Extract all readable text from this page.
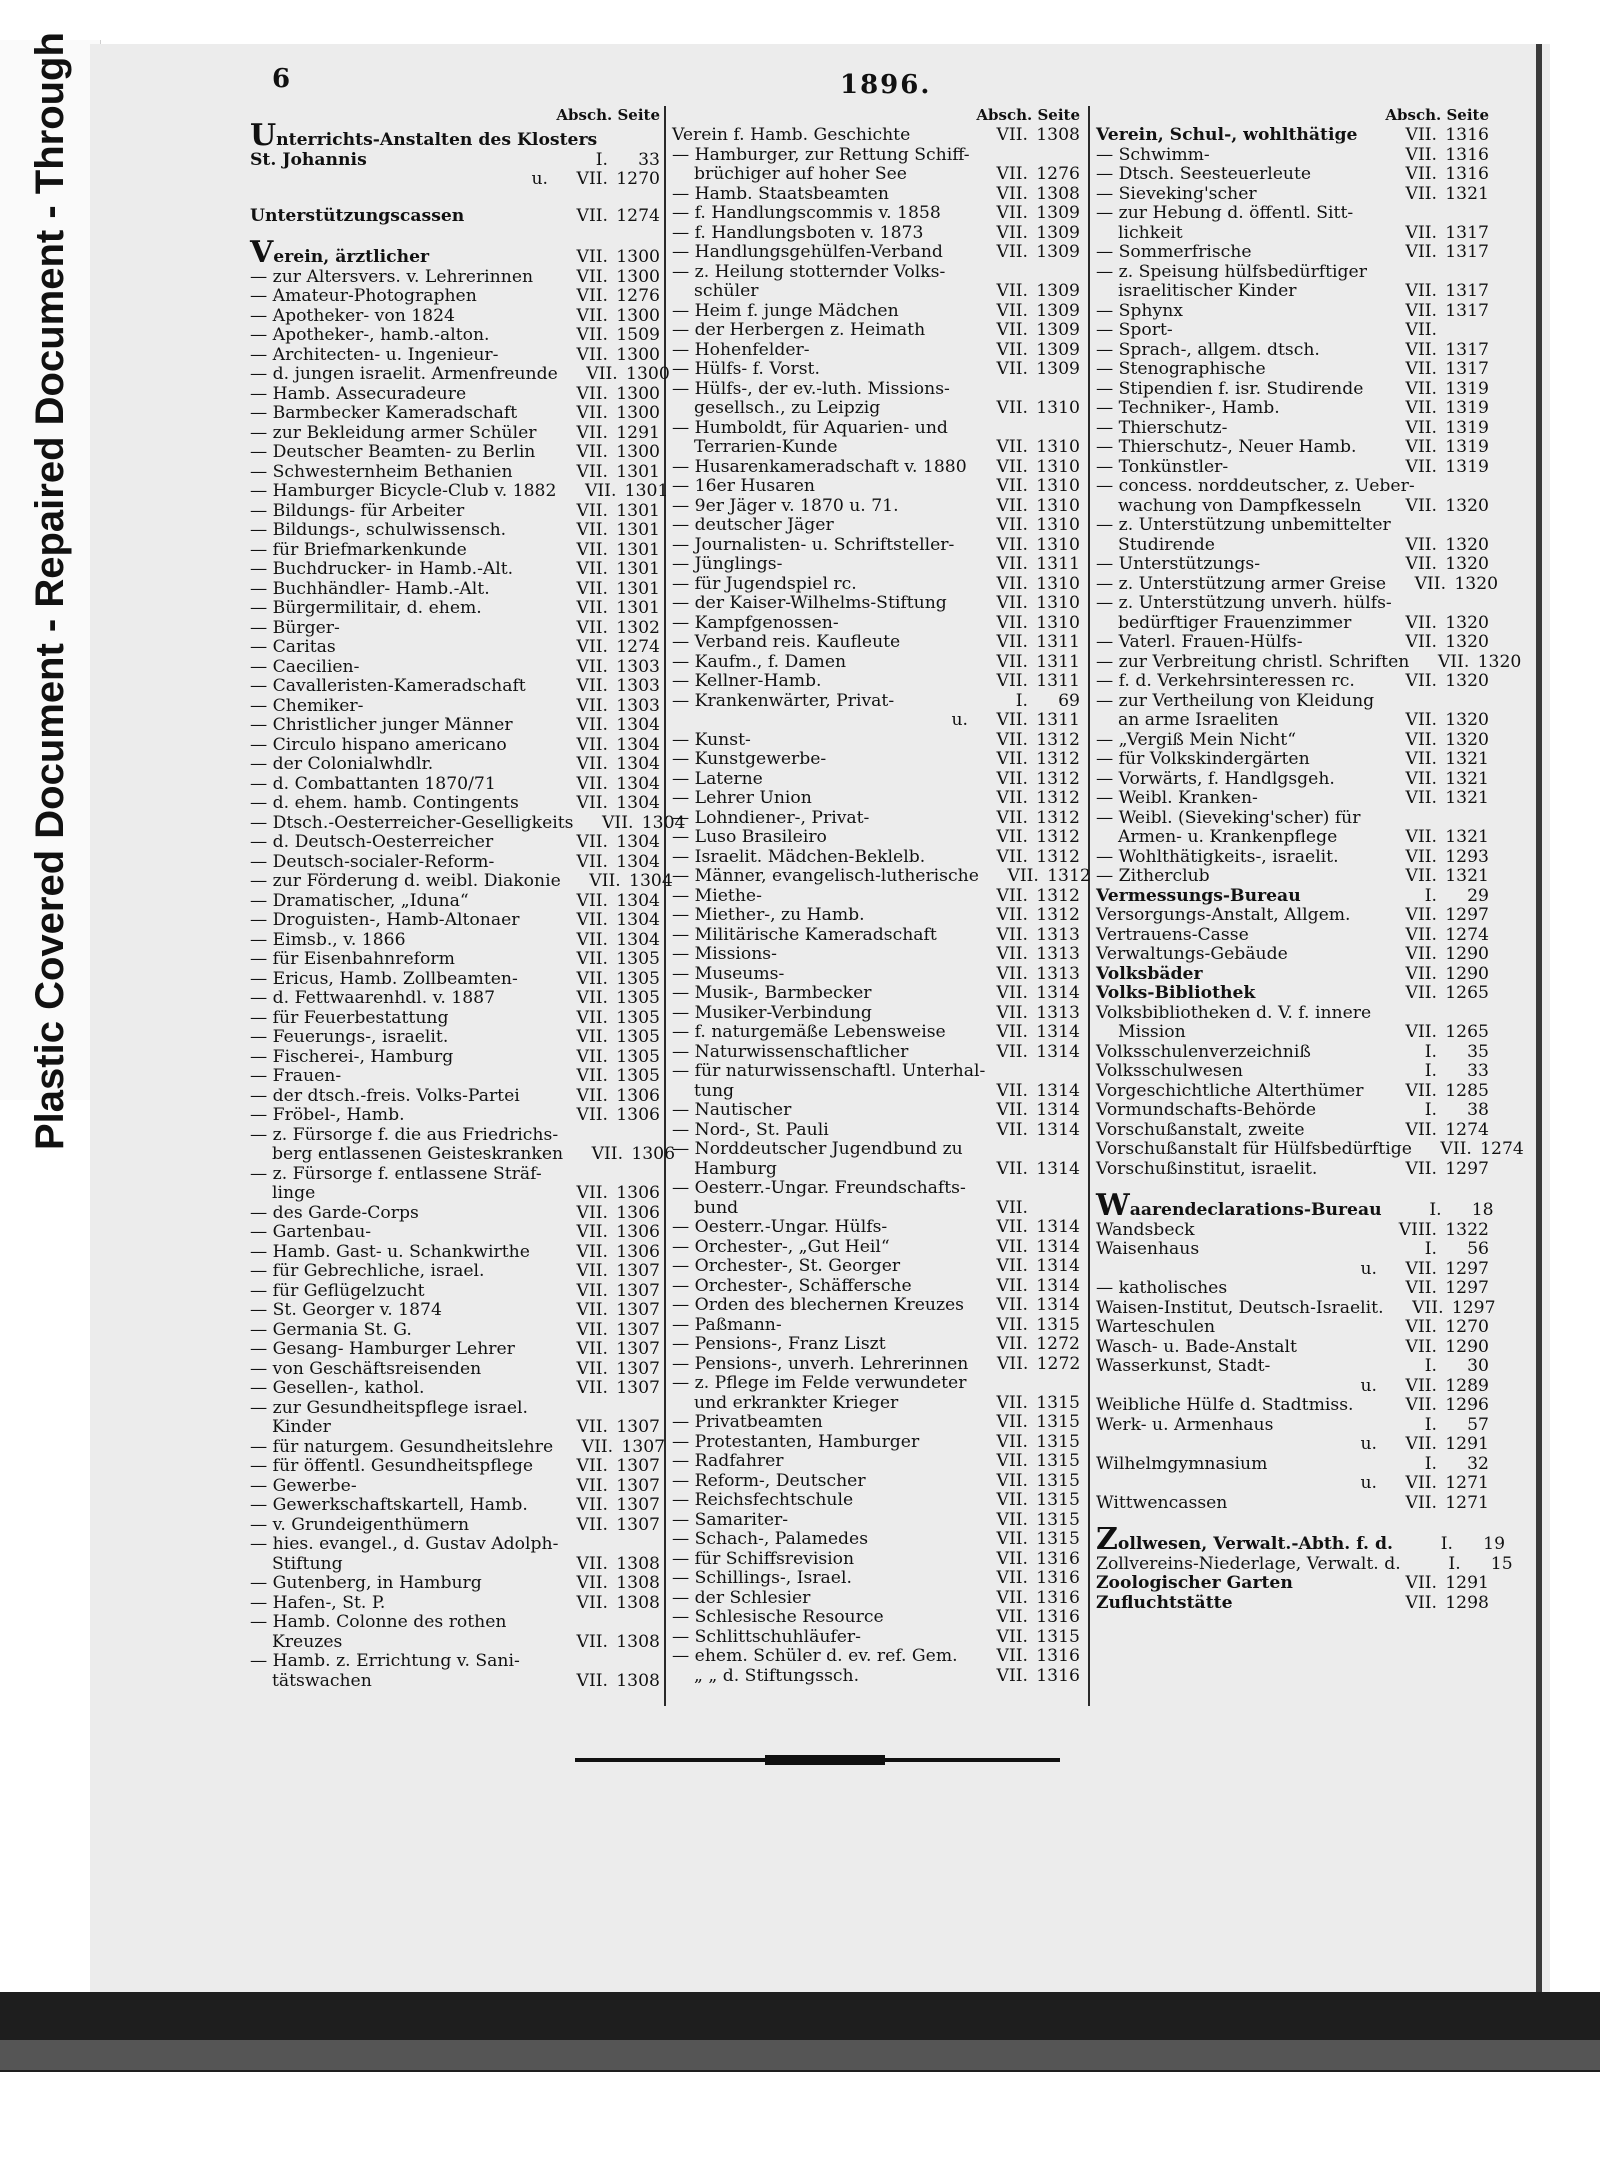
Plastic Covered Document - Repaired Document - Through	6	1896.
Absch. Seite
Unterrichts-Anstalten des Klosters
St. Johannis	I.	33
u.	VII. 1270
Unterstützungscassen	VII. 1274
Verein, ärztlicher	VII. 1300
— zur Altersvers. v. Lehrerinnen	VII. 1300
— Amateur-Photographen	VII. 1276
— Apotheker- von 1824	VII. 1300
— Apotheker-, hamb.-alton.	VII. 1509
— Architecten- u. Ingenieur-	VII. 1300
— d. jungen israelit. Armenfreunde	VII. 1300
— Hamb. Assecuradeure	VII. 1300
— Barmbecker Kameradschaft	VII. 1300
— zur Bekleidung armer Schüler	VII. 1291
— Deutscher Beamten- zu Berlin	VII. 1300
— Schwesternheim Bethanien	VII. 1301
— Hamburger Bicycle-Club v. 1882	VII. 1301
— Bildungs- für Arbeiter	VII. 1301
— Bildungs-, schulwissensch.	VII. 1301
— für Briefmarkenkunde	VII. 1301
— Buchdrucker- in Hamb.-Alt.	VII. 1301
— Buchhändler- Hamb.-Alt.	VII. 1301
— Bürgermilitair, d. ehem.	VII. 1301
— Bürger-	VII. 1302
— Caritas	VII. 1274
— Caecilien-	VII. 1303
— Cavalleristen-Kameradschaft	VII. 1303
— Chemiker-	VII. 1303
— Christlicher junger Männer	VII. 1304
— Circulo hispano americano	VII. 1304
— der Colonialwhdlr.	VII. 1304
— d. Combattanten 1870/71	VII. 1304
— d. ehem. hamb. Contingents	VII. 1304
— Dtsch.-Oesterreicher-Geselligkeits	VII. 1304
— d. Deutsch-Oesterreicher	VII. 1304
— Deutsch-socialer-Reform-	VII. 1304
— zur Förderung d. weibl. Diakonie	VII. 1304
— Dramatischer, „Iduna“	VII. 1304
— Droguisten-, Hamb-Altonaer	VII. 1304
— Eimsb., v. 1866	VII. 1304
— für Eisenbahnreform	VII. 1305
— Ericus, Hamb. Zollbeamten-	VII. 1305
— d. Fettwaarenhdl. v. 1887	VII. 1305
— für Feuerbestattung	VII. 1305
— Feuerungs-, israelit.	VII. 1305
— Fischerei-, Hamburg	VII. 1305
— Frauen-	VII. 1305
— der dtsch.-freis. Volks-Partei	VII. 1306
— Fröbel-, Hamb.	VII. 1306
— z. Fürsorge f. die aus Friedrichs-
berg entlassenen Geisteskranken	VII. 1306
— z. Fürsorge f. entlassene Sträf-
linge	VII. 1306
— des Garde-Corps	VII. 1306
— Gartenbau-	VII. 1306
— Hamb. Gast- u. Schankwirthe	VII. 1306
— für Gebrechliche, israel.	VII. 1307
— für Geflügelzucht	VII. 1307
— St. Georger v. 1874	VII. 1307
— Germania St. G.	VII. 1307
— Gesang- Hamburger Lehrer	VII. 1307
— von Geschäftsreisenden	VII. 1307
— Gesellen-, kathol.	VII. 1307
— zur Gesundheitspflege israel.
Kinder	VII. 1307
— für naturgem. Gesundheitslehre	VII. 1307
— für öffentl. Gesundheitspflege	VII. 1307
— Gewerbe-	VII. 1307
— Gewerkschaftskartell, Hamb.	VII. 1307
— v. Grundeigenthümern	VII. 1307
— hies. evangel., d. Gustav Adolph-
Stiftung	VII. 1308
— Gutenberg, in Hamburg	VII. 1308
— Hafen-, St. P.	VII. 1308
— Hamb. Colonne des rothen
Kreuzes	VII. 1308
— Hamb. z. Errichtung v. Sani-
tätswachen	VII. 1308
Absch. Seite
Verein f. Hamb. Geschichte	VII. 1308
— Hamburger, zur Rettung Schiff-
brüchiger auf hoher See	VII. 1276
— Hamb. Staatsbeamten	VII. 1308
— f. Handlungscommis v. 1858	VII. 1309
— f. Handlungsboten v. 1873	VII. 1309
— Handlungsgehülfen-Verband	VII. 1309
— z. Heilung stotternder Volks-
schüler	VII. 1309
— Heim f. junge Mädchen	VII. 1309
— der Herbergen z. Heimath	VII. 1309
— Hohenfelder-	VII. 1309
— Hülfs- f. Vorst.	VII. 1309
— Hülfs-, der ev.-luth. Missions-
gesellsch., zu Leipzig	VII. 1310
— Humboldt, für Aquarien- und
Terrarien-Kunde	VII. 1310
— Husarenkameradschaft v. 1880	VII. 1310
— 16er Husaren	VII. 1310
— 9er Jäger v. 1870 u. 71.	VII. 1310
— deutscher Jäger	VII. 1310
— Journalisten- u. Schriftsteller-	VII. 1310
— Jünglings-	VII. 1311
— für Jugendspiel rc.	VII. 1310
— der Kaiser-Wilhelms-Stiftung	VII. 1310
— Kampfgenossen-	VII. 1310
— Verband reis. Kaufleute	VII. 1311
— Kaufm., f. Damen	VII. 1311
— Kellner-Hamb.	VII. 1311
— Krankenwärter, Privat-	I.	69
u.	VII. 1311
— Kunst-	VII. 1312
— Kunstgewerbe-	VII. 1312
— Laterne	VII. 1312
— Lehrer Union	VII. 1312
— Lohndiener-, Privat-	VII. 1312
— Luso Brasileiro	VII. 1312
— Israelit. Mädchen-Beklelb.	VII. 1312
— Männer, evangelisch-lutherische	VII. 1312
— Miethe-	VII. 1312
— Miether-, zu Hamb.	VII. 1312
— Militärische Kameradschaft	VII. 1313
— Missions-	VII. 1313
— Museums-	VII. 1313
— Musik-, Barmbecker	VII. 1314
— Musiker-Verbindung	VII. 1313
— f. naturgemäße Lebensweise	VII. 1314
— Naturwissenschaftlicher	VII. 1314
— für naturwissenschaftl. Unterhal-
tung	VII. 1314
— Nautischer	VII. 1314
— Nord-, St. Pauli	VII. 1314
— Norddeutscher Jugendbund zu
Hamburg	VII. 1314
— Oesterr.-Ungar. Freundschafts-
bund	VII.
— Oesterr.-Ungar. Hülfs-	VII. 1314
— Orchester-, „Gut Heil“	VII. 1314
— Orchester-, St. Georger	VII. 1314
— Orchester-, Schäffersche	VII. 1314
— Orden des blechernen Kreuzes	VII. 1314
— Paßmann-	VII. 1315
— Pensions-, Franz Liszt	VII. 1272
— Pensions-, unverh. Lehrerinnen	VII. 1272
— z. Pflege im Felde verwundeter
und erkrankter Krieger	VII. 1315
— Privatbeamten	VII. 1315
— Protestanten, Hamburger	VII. 1315
— Radfahrer	VII. 1315
— Reform-, Deutscher	VII. 1315
— Reichsfechtschule	VII. 1315
— Samariter-	VII. 1315
— Schach-, Palamedes	VII. 1315
— für Schiffsrevision	VII. 1316
— Schillings-, Israel.	VII. 1316
— der Schlesier	VII. 1316
— Schlesische Resource	VII. 1316
— Schlittschuhläufer-	VII. 1315
— ehem. Schüler d. ev. ref. Gem.	VII. 1316
„ „ d. Stiftungssch.	VII. 1316
Absch. Seite
Verein, Schul-, wohlthätige	VII. 1316
— Schwimm-	VII. 1316
— Dtsch. Seesteuerleute	VII. 1316
— Sieveking'scher	VII. 1321
— zur Hebung d. öffentl. Sitt-
lichkeit	VII. 1317
— Sommerfrische	VII. 1317
— z. Speisung hülfsbedürftiger
israelitischer Kinder	VII. 1317
— Sphynx	VII. 1317
— Sport-	VII.
— Sprach-, allgem. dtsch.	VII. 1317
— Stenographische	VII. 1317
— Stipendien f. isr. Studirende	VII. 1319
— Techniker-, Hamb.	VII. 1319
— Thierschutz-	VII. 1319
— Thierschutz-, Neuer Hamb.	VII. 1319
— Tonkünstler-	VII. 1319
— concess. norddeutscher, z. Ueber-
wachung von Dampfkesseln	VII. 1320
— z. Unterstützung unbemittelter
Studirende	VII. 1320
— Unterstützungs-	VII. 1320
— z. Unterstützung armer Greise	VII. 1320
— z. Unterstützung unverh. hülfs-
bedürftiger Frauenzimmer	VII. 1320
— Vaterl. Frauen-Hülfs-	VII. 1320
— zur Verbreitung christl. Schriften	VII. 1320
— f. d. Verkehrsinteressen rc.	VII. 1320
— zur Vertheilung von Kleidung
an arme Israeliten	VII. 1320
— „Vergiß Mein Nicht“	VII. 1320
— für Volkskindergärten	VII. 1321
— Vorwärts, f. Handlgsgeh.	VII. 1321
— Weibl. Kranken-	VII. 1321
— Weibl. (Sieveking'scher) für
Armen- u. Krankenpflege	VII. 1321
— Wohlthätigkeits-, israelit.	VII. 1293
— Zitherclub	VII. 1321
Vermessungs-Bureau	I.	29
Versorgungs-Anstalt, Allgem.	VII. 1297
Vertrauens-Casse	VII. 1274
Verwaltungs-Gebäude	VII. 1290
Volksbäder	VII. 1290
Volks-Bibliothek	VII. 1265
Volksbibliotheken d. V. f. innere
Mission	VII. 1265
Volksschulenverzeichniß	I.	35
Volksschulwesen	I.	33
Vorgeschichtliche Alterthümer	VII. 1285
Vormundschafts-Behörde	I.	38
Vorschußanstalt, zweite	VII. 1274
Vorschußanstalt für Hülfsbedürftige	VII. 1274
Vorschußinstitut, israelit.	VII. 1297
Waarendeclarations-Bureau	I.	18
Wandsbeck	VIII. 1322
Waisenhaus	I.	56
u.	VII. 1297
— katholisches	VII. 1297
Waisen-Institut, Deutsch-Israelit.	VII. 1297
Warteschulen	VII. 1270
Wasch- u. Bade-Anstalt	VII. 1290
Wasserkunst, Stadt-	I.	30
u.	VII. 1289
Weibliche Hülfe d. Stadtmiss.	VII. 1296
Werk- u. Armenhaus	I.	57
u.	VII. 1291
Wilhelmgymnasium	I.	32
u.	VII. 1271
Wittwencassen	VII. 1271
Zollwesen, Verwalt.-Abth. f. d.	I.	19
Zollvereins-Niederlage, Verwalt. d.	I.	15
Zoologischer Garten	VII. 1291
Zufluchtstätte	VII. 1298
